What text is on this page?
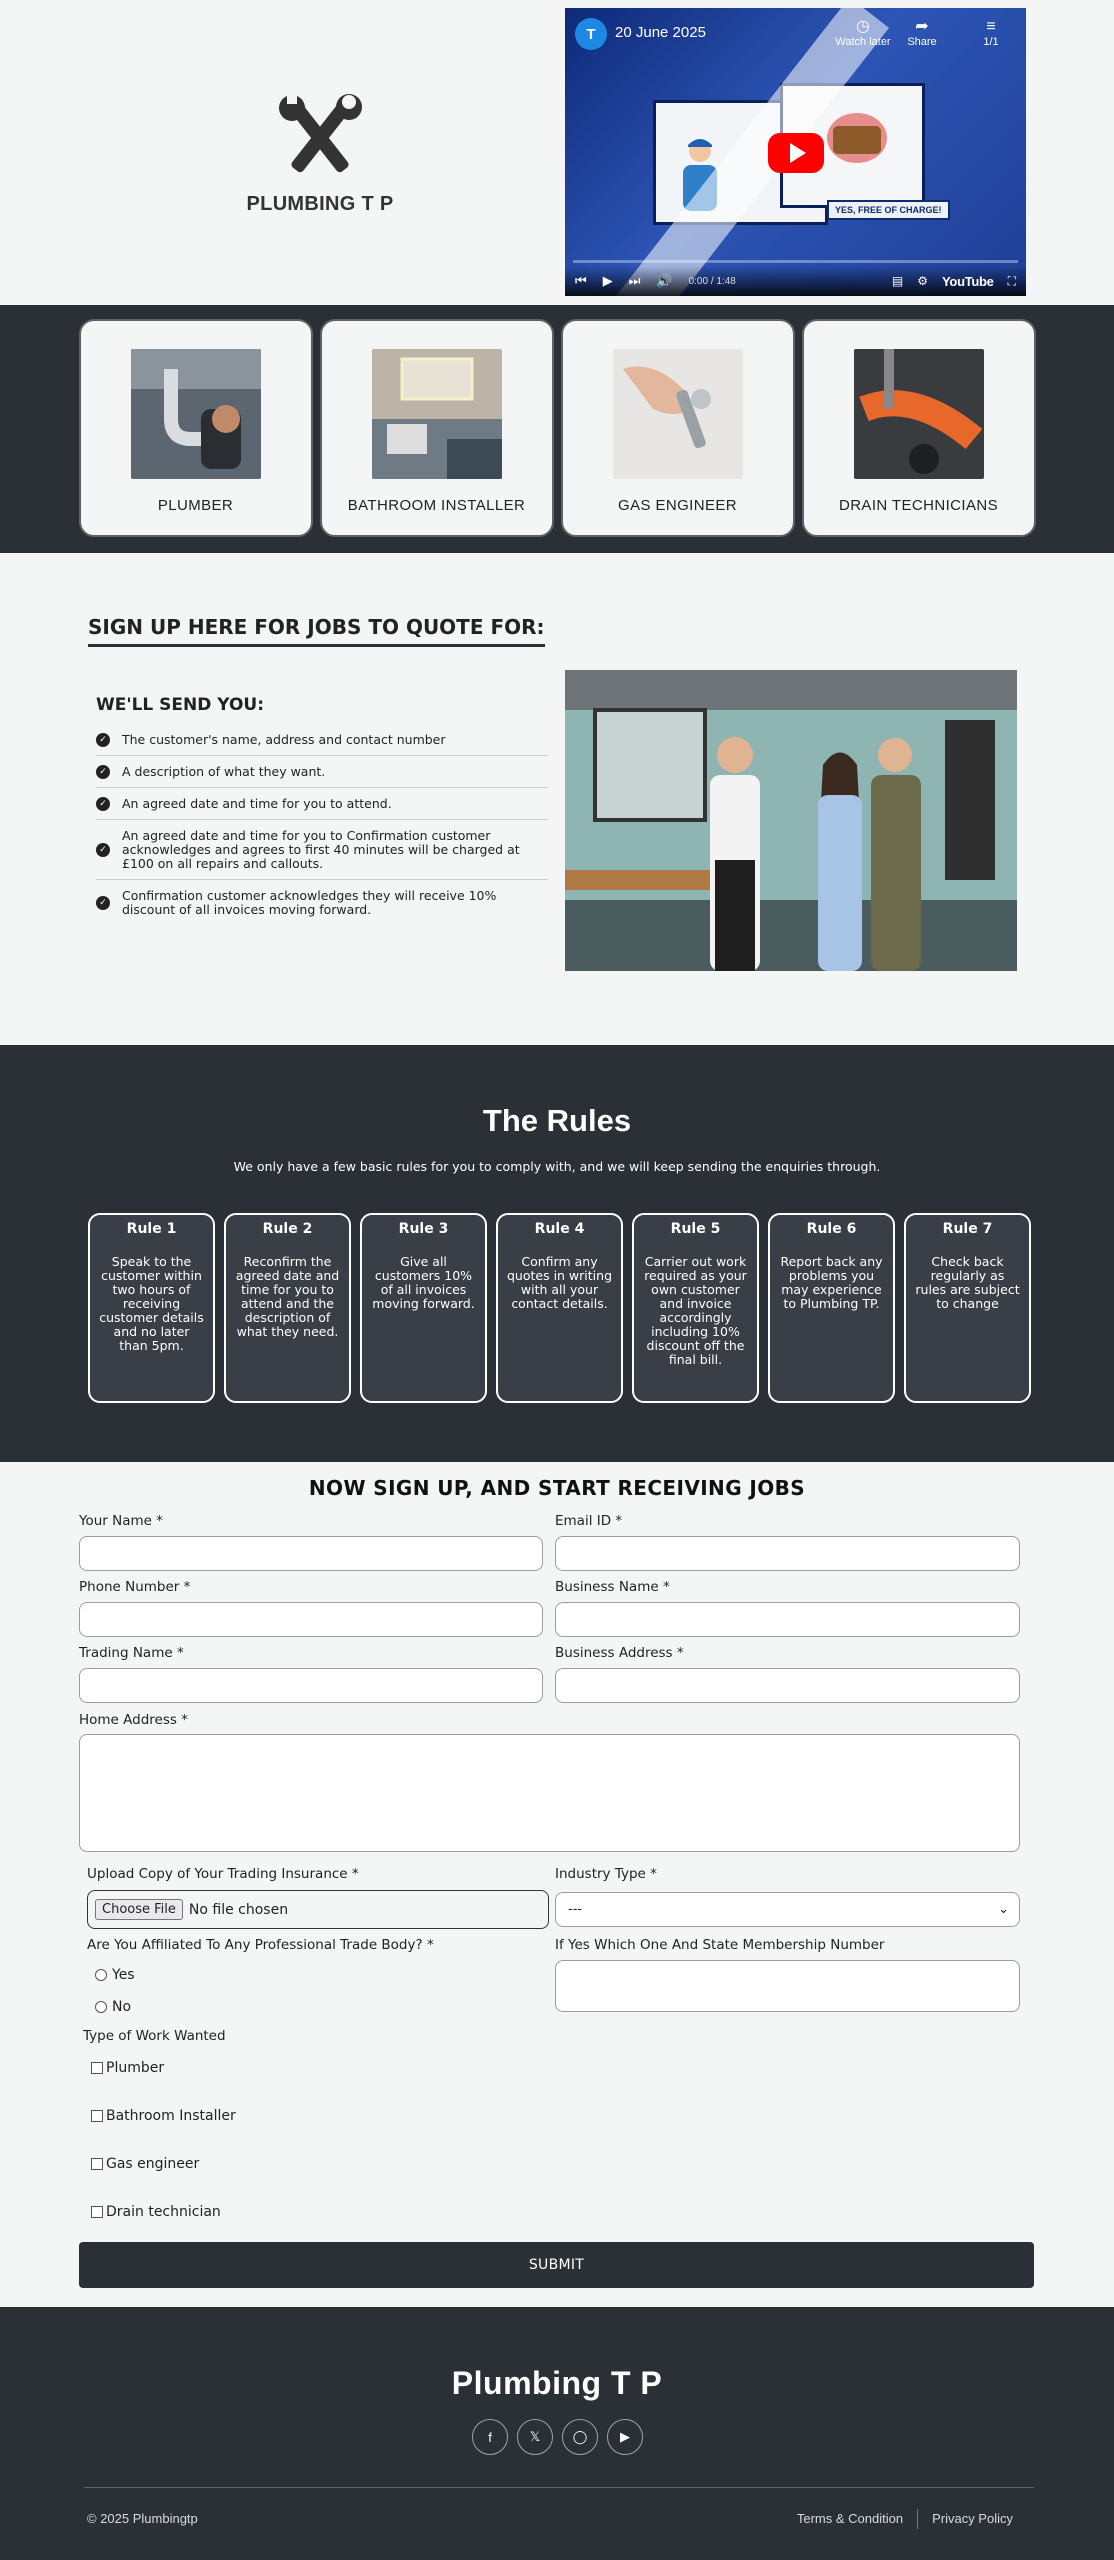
PLUMBING T P	YES, FREE OF CHARGE!
T	20 June 2025	◷
Watch later
➦
Share
≡
1/1
⏮ ▶ ⏭ 🔊 0:00 / 1:48	▤ ⚙ YouTube ⛶
PLUMBER	BATHROOM INSTALLER	GAS ENGINEER	DRAIN TECHNICIANS
SIGN UP HERE FOR JOBS TO QUOTE FOR:
WE'LL SEND YOU:
✓ The customer's name, address and contact number
✓ A description of what they want.
✓ An agreed date and time for you to attend.
✓
An agreed date and time for you to Confirmation customer acknowledges and agrees to first 40 minutes will be charged at £100 on all repairs and callouts.
✓ Confirmation customer acknowledges they will receive 10% discount of all invoices moving forward.
The Rules

We only have a few basic rules for you to comply with, and we will keep sending the enquiries through.

Rule 1
Speak to the customer within two hours of receiving customer details and no later than 5pm.
Rule 2
Reconfirm the agreed date and time for you to attend and the description of what they need.
Rule 3
Give all customers 10% of all invoices moving forward.
Rule 4
Confirm any quotes in writing with all your contact details.
Rule 5
Carrier out work required as your own customer and invoice accordingly including 10% discount off the final bill.
Rule 6
Report back any problems you may experience to Plumbing TP.
Rule 7
Check back regularly as rules are subject to change
NOW SIGN UP, AND START RECEIVING JOBS
Your Name *	Email ID *
Phone Number *	Business Name *
Trading Name *	Business Address *
Home Address *
Upload Copy of Your Trading Insurance *
Choose File No file chosen
Industry Type *
---	⌄
Are You Affiliated To Any Professional Trade Body? *
Yes
No
If Yes Which One And State Membership Number
Type of Work Wanted
Plumber
Bathroom Installer
Gas engineer
Drain technician
SUBMIT
Plumbing T P
f	𝕏	◯	▶
© 2025 Plumbingtp	Terms & Condition Privacy Policy
